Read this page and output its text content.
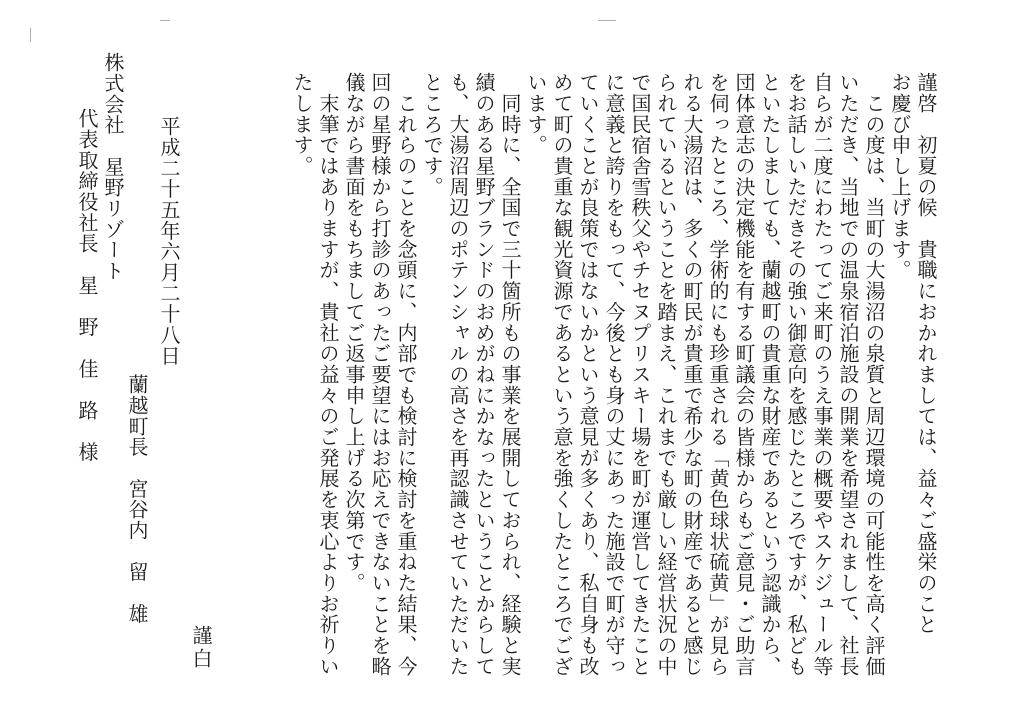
謹啓　初夏の候　貴職におかれましては、益々ご盛栄のこと
お慶び申し上げます。
　この度は、当町の大湯沼の泉質と周辺環境の可能性を高く評価
いただき、当地での温泉宿泊施設の開業を希望されまして、社長
自らが二度にわたってご来町のうえ事業の概要やスケジュール等
をお話しいただきその強い御意向を感じたところですが、私ども
といたしましても、蘭越町の貴重な財産であるという認識から、
団体意志の決定機能を有する町議会の皆様からもご意見・ご助言
を伺ったところ、学術的にも珍重される「黄色球状硫黄」が見ら
れる大湯沼は、多くの町民が貴重で希少な町の財産であると感じ
られているということを踏まえ、これまでも厳しい経営状況の中
で国民宿舎雪秩父やチセヌプリスキー場を町が運営してきたこと
に意義と誇りをもって、今後とも身の丈にあった施設で町が守っ
ていくことが良策ではないかという意見が多くあり、私自身も改
めて町の貴重な観光資源であるという意を強くしたところでござ
います。
　同時に、全国で三十箇所もの事業を展開しておられ、経験と実
績のある星野ブランドのおめがねにかなったということからして
も、大湯沼周辺のポテンシャルの高さを再認識させていただいた
ところです。
　これらのことを念頭に、内部でも検討に検討を重ねた結果、今
回の星野様から打診のあったご要望にはお応えできないことを略
儀ながら書面をもちましてご返事申し上げる次第です。
　末筆ではありますが、貴社の益々のご発展を衷心よりお祈りい
たします。
謹白
蘭越町長　宮谷内　留　雄
平成二十五年六月二十八日
株式会社　星野リゾート
代表取締役社長　星　野　佳　路　様
